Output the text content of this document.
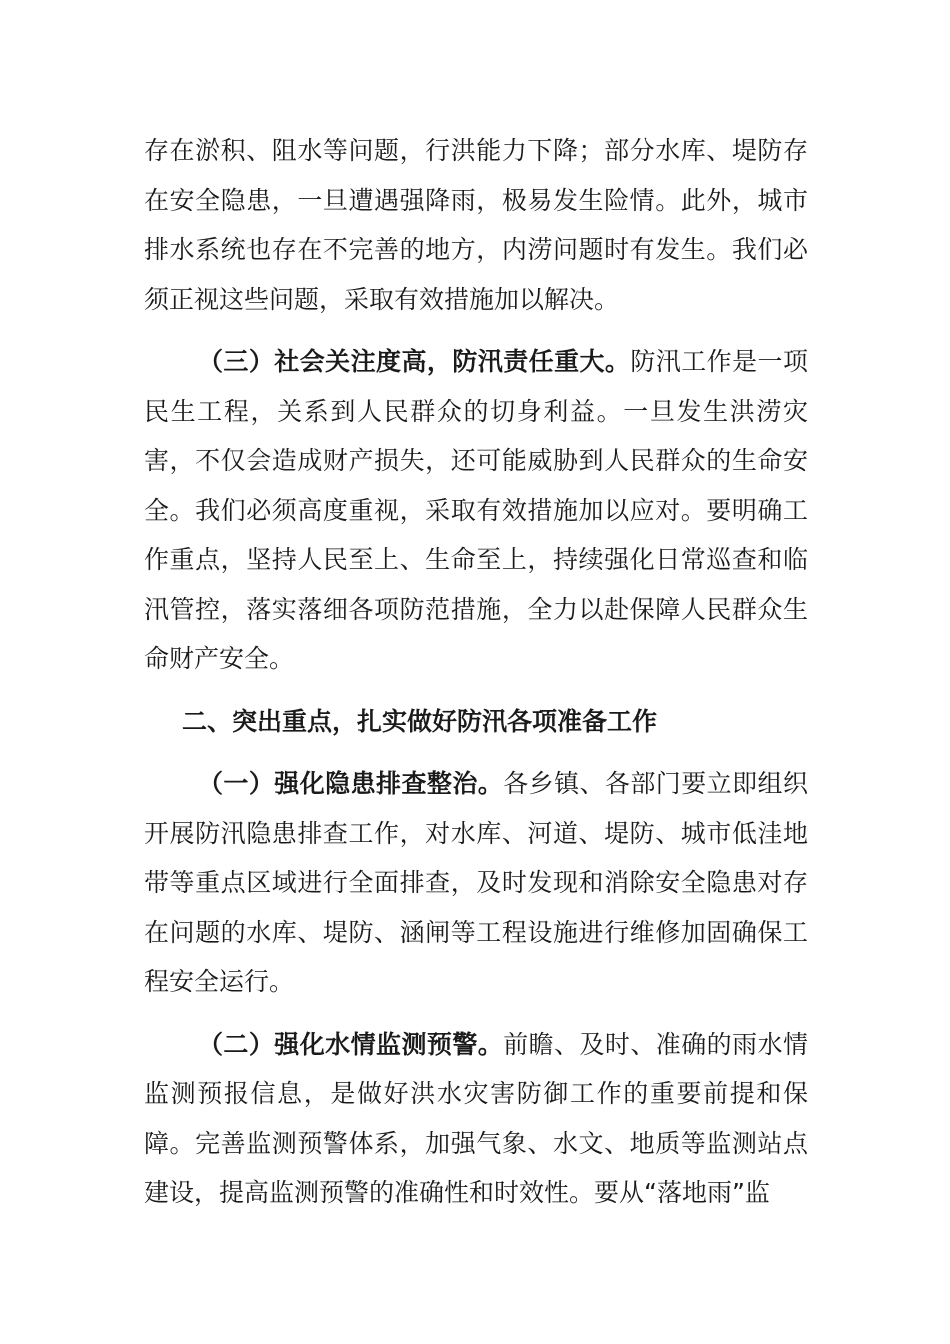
存在淤积、阻水等问题，行洪能力下降；部分水库、堤防存在安全隐患，一旦遭遇强降雨，极易发生险情。此外，城市排水系统也存在不完善的地方，内涝问题时有发生。我们必须正视这些问题，采取有效措施加以解决。

（三）社会关注度高，防汛责任重大。防汛工作是一项民生工程，关系到人民群众的切身利益。一旦发生洪涝灾害，不仅会造成财产损失，还可能威胁到人民群众的生命安全。我们必须高度重视，采取有效措施加以应对。要明确工作重点，坚持人民至上、生命至上，持续强化日常巡查和临汛管控，落实落细各项防范措施，全力以赴保障人民群众生命财产安全。

二、突出重点，扎实做好防汛各项准备工作

（一）强化隐患排查整治。各乡镇、各部门要立即组织开展防汛隐患排查工作，对水库、河道、堤防、城市低洼地带等重点区域进行全面排查，及时发现和消除安全隐患对存在问题的水库、堤防、涵闸等工程设施进行维修加固确保工程安全运行。

（二）强化水情监测预警。前瞻、及时、准确的雨水情监测预报信息，是做好洪水灾害防御工作的重要前提和保障。完善监测预警体系，加强气象、水文、地质等监测站点建设，提高监测预警的准确性和时效性。要从“落地雨”监
